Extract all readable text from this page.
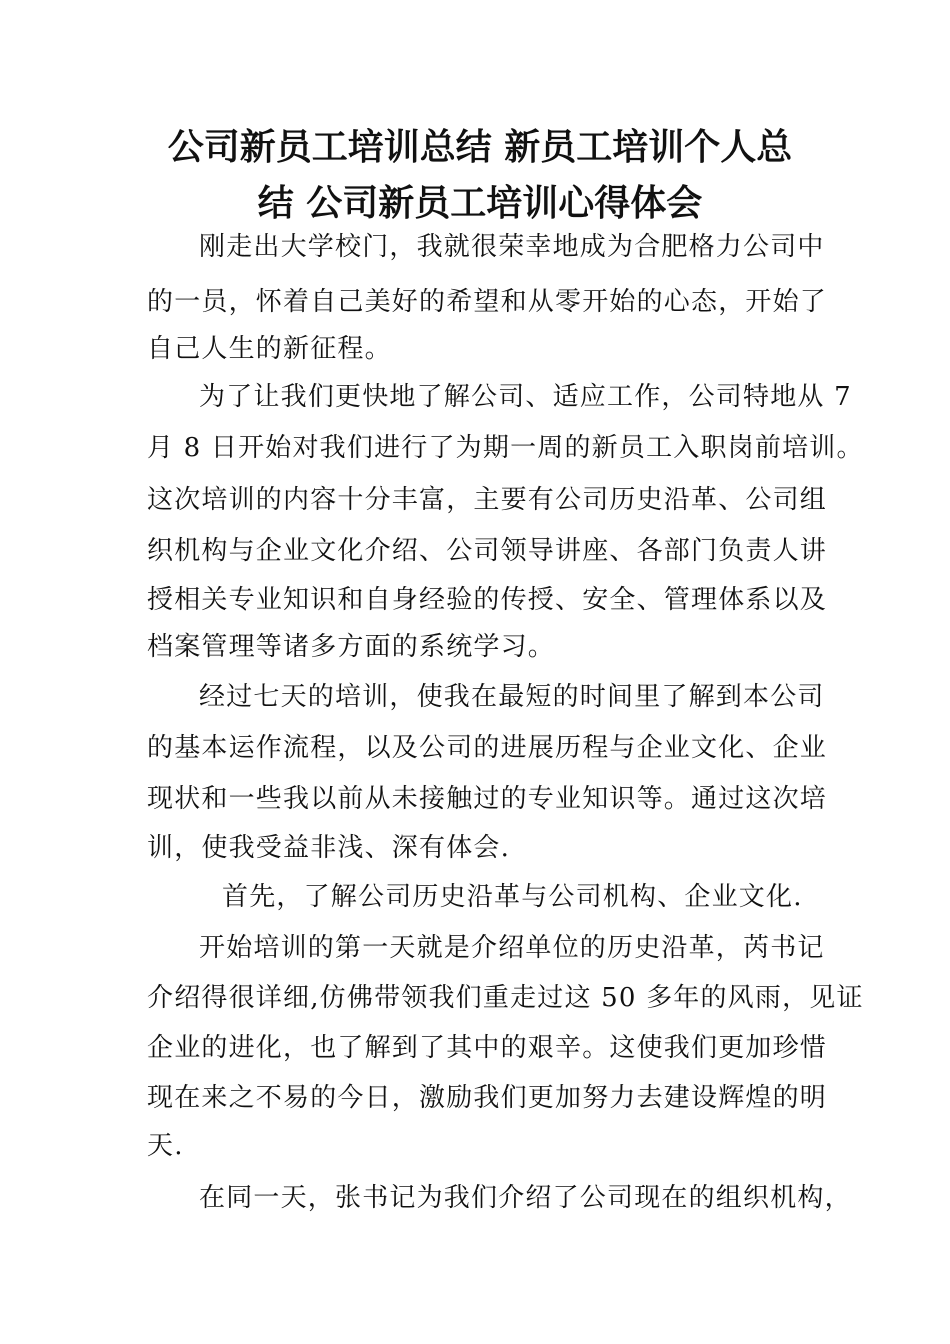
公司新员工培训总结 新员工培训个人总
结 公司新员工培训心得体会

刚走出大学校门，我就很荣幸地成为合肥格力公司中

的一员，怀着自己美好的希望和从零开始的心态，开始了

自己人生的新征程。

为了让我们更快地了解公司、适应工作，公司特地从 7

月 8 日开始对我们进行了为期一周的新员工入职岗前培训。

这次培训的内容十分丰富，主要有公司历史沿革、公司组

织机构与企业文化介绍、公司领导讲座、各部门负责人讲

授相关专业知识和自身经验的传授、安全、管理体系以及

档案管理等诸多方面的系统学习。

经过七天的培训，使我在最短的时间里了解到本公司

的基本运作流程，以及公司的进展历程与企业文化、企业

现状和一些我以前从未接触过的专业知识等。通过这次培

训，使我受益非浅、深有体会.

首先，了解公司历史沿革与公司机构、企业文化.

开始培训的第一天就是介绍单位的历史沿革，芮书记

介绍得很详细,仿佛带领我们重走过这 50 多年的风雨，见证

企业的进化，也了解到了其中的艰辛。这使我们更加珍惜

现在来之不易的今日，激励我们更加努力去建设辉煌的明

天.

在同一天，张书记为我们介绍了公司现在的组织机构，
